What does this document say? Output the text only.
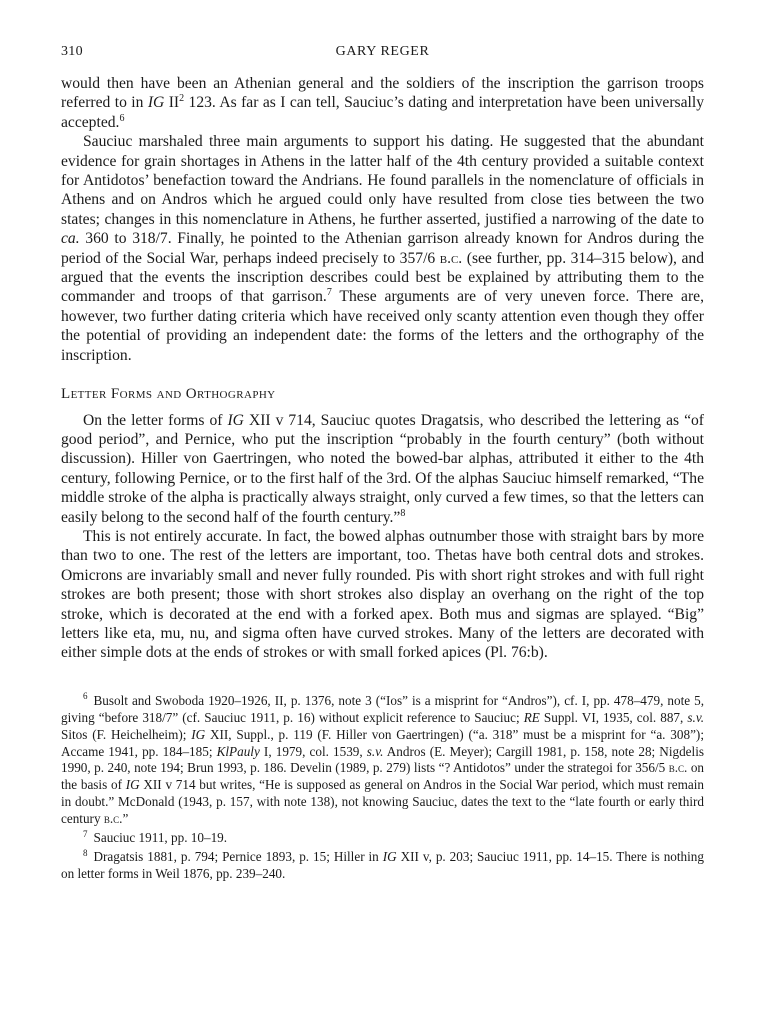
310	GARY REGER

would then have been an Athenian general and the soldiers of the inscription the garrison troops referred to in IG $II^2$ 123. As far as I can tell, Sauciuc’s dating and interpretation have been universally accepted.$^6$

Sauciuc marshaled three main arguments to support his dating. He suggested that the abundant evidence for grain shortages in Athens in the latter half of the 4th century provided a suitable context for Antidotos’ benefaction toward the Andrians. He found parallels in the nomenclature of officials in Athens and on Andros which he argued could only have resulted from close ties between the two states; changes in this nomenclature in Athens, he further asserted, justified a narrowing of the date to ca. 360 to 318/7. Finally, he pointed to the Athenian garrison already known for Andros during the period of the Social War, perhaps indeed precisely to 357/6 b.c. (see further, pp. 314–315 below), and argued that the events the inscription describes could best be explained by attributing them to the commander and troops of that garrison.$^7$ These arguments are of very uneven force. There are, however, two further dating criteria which have received only scanty attention even though they offer the potential of providing an independent date: the forms of the letters and the orthography of the inscription.

Letter Forms and Orthography

On the letter forms of IG XII v 714, Sauciuc quotes Dragatsis, who described the lettering as “of good period”, and Pernice, who put the inscription “probably in the fourth century” (both without discussion). Hiller von Gaertringen, who noted the bowed-bar alphas, attributed it either to the 4th century, following Pernice, or to the first half of the 3rd. Of the alphas Sauciuc himself remarked, “The middle stroke of the alpha is practically always straight, only curved a few times, so that the letters can easily belong to the second half of the fourth century.”$^8$

This is not entirely accurate. In fact, the bowed alphas outnumber those with straight bars by more than two to one. The rest of the letters are important, too. Thetas have both central dots and strokes. Omicrons are invariably small and never fully rounded. Pis with short right strokes and with full right strokes are both present; those with short strokes also display an overhang on the right of the top stroke, which is decorated at the end with a forked apex. Both mus and sigmas are splayed. “Big” letters like eta, mu, nu, and sigma often have curved strokes. Many of the letters are decorated with either simple dots at the ends of strokes or with small forked apices (Pl. 76:b).

$^6$ Busolt and Swoboda 1920–1926, II, p. 1376, note 3 (“Ios” is a misprint for “Andros”), cf. I, pp. 478–479, note 5, giving “before 318/7” (cf. Sauciuc 1911, p. 16) without explicit reference to Sauciuc; RE Suppl. VI, 1935, col. 887, s.v. Sitos (F. Heichelheim); IG XII, Suppl., p. 119 (F. Hiller von Gaertringen) (“a. 318” must be a misprint for “a. 308”); Accame 1941, pp. 184–185; KlPauly I, 1979, col. 1539, s.v. Andros (E. Meyer); Cargill 1981, p. 158, note 28; Nigdelis 1990, p. 240, note 194; Brun 1993, p. 186. Develin (1989, p. 279) lists “? Antidotos” under the strategoi for 356/5 b.c. on the basis of IG XII v 714 but writes, “He is supposed as general on Andros in the Social War period, which must remain in doubt.” McDonald (1943, p. 157, with note 138), not knowing Sauciuc, dates the text to the “late fourth or early third century b.c.”

$^7$ Sauciuc 1911, pp. 10–19.

$^8$ Dragatsis 1881, p. 794; Pernice 1893, p. 15; Hiller in IG XII v, p. 203; Sauciuc 1911, pp. 14–15. There is nothing on letter forms in Weil 1876, pp. 239–240.
